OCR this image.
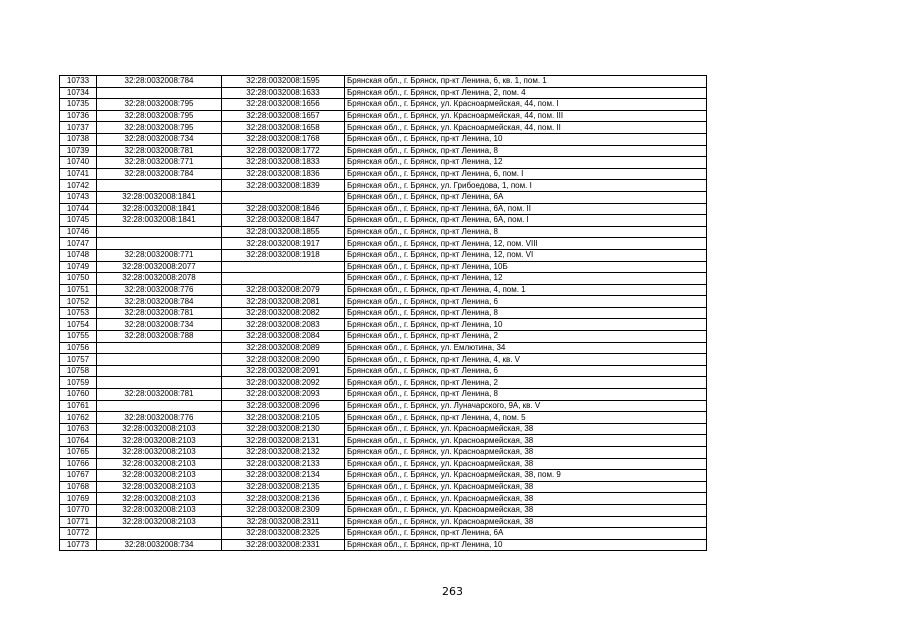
10733	32:28:0032008:784	32:28:0032008:1595	Брянская обл., г. Брянск, пр-кт Ленина, 6, кв. 1, пом. 1
10734		32:28:0032008:1633	Брянская обл., г. Брянск, пр-кт Ленина, 2, пом. 4
10735	32:28:0032008:795	32:28:0032008:1656	Брянская обл., г. Брянск, ул. Красноармейская, 44, пом. I
10736	32:28:0032008:795	32:28:0032008:1657	Брянская обл., г. Брянск, ул. Красноармейская, 44, пом. III
10737	32:28:0032008:795	32:28:0032008:1658	Брянская обл., г. Брянск, ул. Красноармейская, 44, пом. II
10738	32:28:0032008:734	32:28:0032008:1768	Брянская обл., г. Брянск, пр-кт Ленина, 10
10739	32:28:0032008:781	32:28:0032008:1772	Брянская обл., г. Брянск, пр-кт Ленина, 8
10740	32:28:0032008:771	32:28:0032008:1833	Брянская обл., г. Брянск, пр-кт Ленина, 12
10741	32:28:0032008:784	32:28:0032008:1836	Брянская обл., г. Брянск, пр-кт Ленина, 6, пом. I
10742		32:28:0032008:1839	Брянская обл., г. Брянск, ул. Грибоедова, 1, пом. I
10743	32:28:0032008:1841		Брянская обл., г. Брянск, пр-кт Ленина, 6А
10744	32:28:0032008:1841	32:28:0032008:1846	Брянская обл., г. Брянск, пр-кт Ленина, 6А, пом. II
10745	32:28:0032008:1841	32:28:0032008:1847	Брянская обл., г. Брянск, пр-кт Ленина, 6А, пом. I
10746		32:28:0032008:1855	Брянская обл., г. Брянск, пр-кт Ленина, 8
10747		32:28:0032008:1917	Брянская обл., г. Брянск, пр-кт Ленина, 12, пом. VIII
10748	32:28:0032008:771	32:28:0032008:1918	Брянская обл., г. Брянск, пр-кт Ленина, 12, пом. VI
10749	32:28:0032008:2077		Брянская обл., г. Брянск, пр-кт Ленина, 10Б
10750	32:28:0032008:2078		Брянская обл., г. Брянск, пр-кт Ленина, 12
10751	32:28:0032008:776	32:28:0032008:2079	Брянская обл., г. Брянск, пр-кт Ленина, 4, пом. 1
10752	32:28:0032008:784	32:28:0032008:2081	Брянская обл., г. Брянск, пр-кт Ленина, 6
10753	32:28:0032008:781	32:28:0032008:2082	Брянская обл., г. Брянск, пр-кт Ленина, 8
10754	32:28:0032008:734	32:28:0032008:2083	Брянская обл., г. Брянск, пр-кт Ленина, 10
10755	32:28:0032008:788	32:28:0032008:2084	Брянская обл., г. Брянск, пр-кт Ленина, 2
10756		32:28:0032008:2089	Брянская обл., г. Брянск, ул. Емлютина, 34
10757		32:28:0032008:2090	Брянская обл., г. Брянск, пр-кт Ленина, 4, кв. V
10758		32:28:0032008:2091	Брянская обл., г. Брянск, пр-кт Ленина, 6
10759		32:28:0032008:2092	Брянская обл., г. Брянск, пр-кт Ленина, 2
10760	32:28:0032008:781	32:28:0032008:2093	Брянская обл., г. Брянск, пр-кт Ленина, 8
10761		32:28:0032008:2096	Брянская обл., г. Брянск, ул. Луначарского, 9А, кв. V
10762	32:28:0032008:776	32:28:0032008:2105	Брянская обл., г. Брянск, пр-кт Ленина, 4, пом. 5
10763	32:28:0032008:2103	32:28:0032008:2130	Брянская обл., г. Брянск, ул. Красноармейская, 38
10764	32:28:0032008:2103	32:28:0032008:2131	Брянская обл., г. Брянск, ул. Красноармейская, 38
10765	32:28:0032008:2103	32:28:0032008:2132	Брянская обл., г. Брянск, ул. Красноармейская, 38
10766	32:28:0032008:2103	32:28:0032008:2133	Брянская обл., г. Брянск, ул. Красноармейская, 38
10767	32:28:0032008:2103	32:28:0032008:2134	Брянская обл., г. Брянск, ул. Красноармейская, 38, пом. 9
10768	32:28:0032008:2103	32:28:0032008:2135	Брянская обл., г. Брянск, ул. Красноармейская, 38
10769	32:28:0032008:2103	32:28:0032008:2136	Брянская обл., г. Брянск, ул. Красноармейская, 38
10770	32:28:0032008:2103	32:28:0032008:2309	Брянская обл., г. Брянск, ул. Красноармейская, 38
10771	32:28:0032008:2103	32:28:0032008:2311	Брянская обл., г. Брянск, ул. Красноармейская, 38
10772		32:28:0032008:2325	Брянская обл., г. Брянск, пр-кт Ленина, 6А
10773	32:28:0032008:734	32:28:0032008:2331	Брянская обл., г. Брянск, пр-кт Ленина, 10
263
